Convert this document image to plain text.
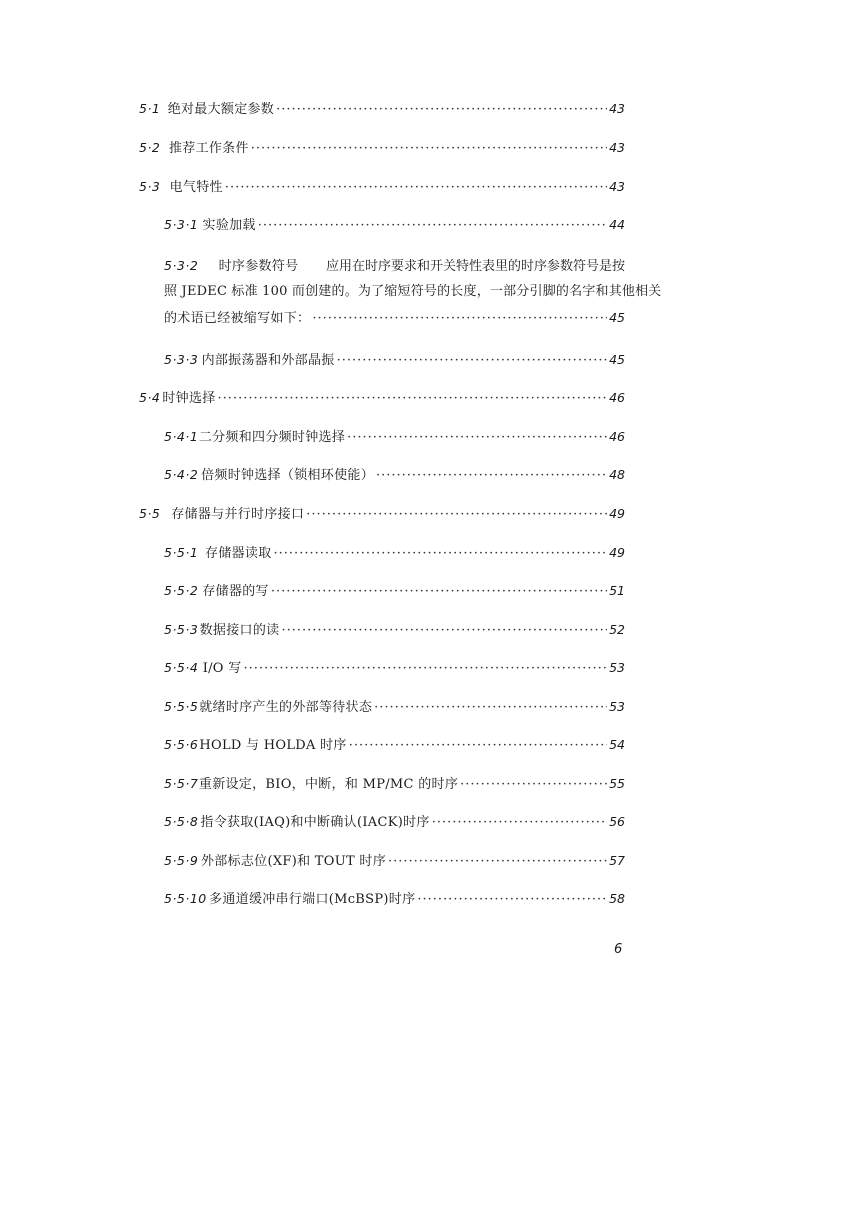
5·1 绝对最大额定参数 ·····	43
5·2 推荐工作条件 ·····	43
5·3 电气特性 ·····	43
5·3·1 实验加载 ·····	44
5·3·2 时序参数符号 应用在时序要求和开关特性表里的时序参数符号是按
照 JEDEC 标准 100 而创建的。为了缩短符号的长度，一部分引脚的名字和其他相关
的术语已经被缩写如下： ·····	45
5·3·3 内部振荡器和外部晶振 ·····	45
5·4 时钟选择 ·····	46
5·4·1 二分频和四分频时钟选择 ·····	46
5·4·2 倍频时钟选择（锁相环使能） ·····	48
5·5 存储器与并行时序接口 ·····	49
5·5·1 存储器读取 ·····	49
5·5·2 存储器的写 ·····	51
5·5·3 数据接口的读 ·····	52
5·5·4 I/O 写 ·····	53
5·5·5 就绪时序产生的外部等待状态 ·····	53
5·5·6 HOLD 与 HOLDA 时序 ·····	54
5·5·7 重新设定，BIO，中断，和 MP/MC 的时序 ·····	55
5·5·8 指令获取(IAQ)和中断确认(IACK)时序 ·····	56
5·5·9 外部标志位(XF)和 TOUT 时序 ·····	57
5·5·10 多通道缓冲串行端口(McBSP)时序 ·····	58
6
